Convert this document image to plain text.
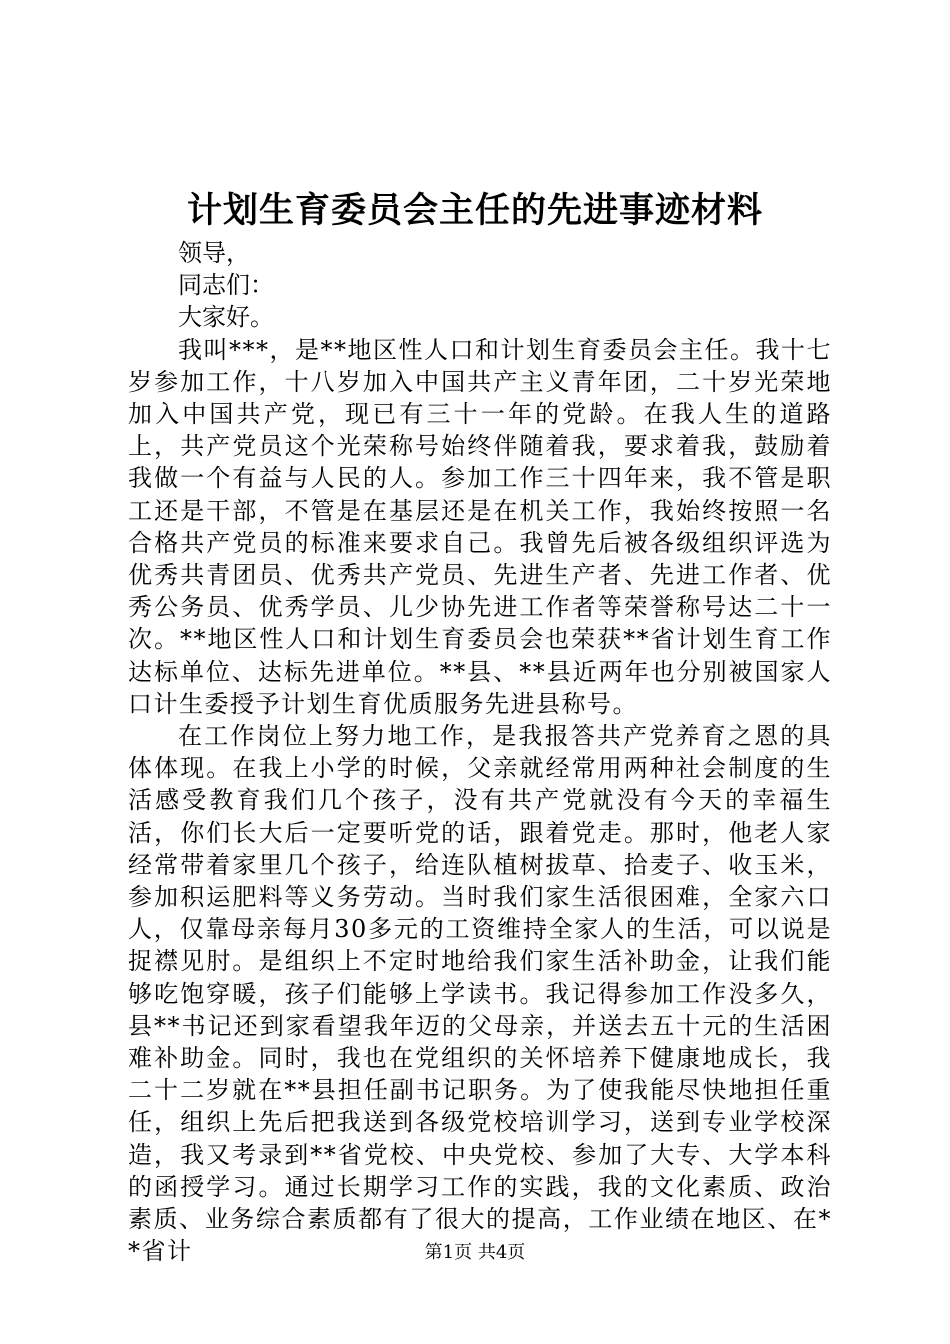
计划生育委员会主任的先进事迹材料

领导，

同志们：

大家好。

我叫***，是**地区性人口和计划生育委员会主任。我十七岁参加工作，十八岁加入中国共产主义青年团，二十岁光荣地加入中国共产党，现已有三十一年的党龄。在我人生的道路上，共产党员这个光荣称号始终伴随着我，要求着我，鼓励着我做一个有益与人民的人。参加工作三十四年来，我不管是职工还是干部，不管是在基层还是在机关工作，我始终按照一名合格共产党员的标准来要求自己。我曾先后被各级组织评选为优秀共青团员、优秀共产党员、先进生产者、先进工作者、优秀公务员、优秀学员、儿少协先进工作者等荣誉称号达二十一次。**地区性人口和计划生育委员会也荣获**省计划生育工作达标单位、达标先进单位。**县、**县近两年也分别被国家人口计生委授予计划生育优质服务先进县称号。

在工作岗位上努力地工作，是我报答共产党养育之恩的具体体现。在我上小学的时候，父亲就经常用两种社会制度的生活感受教育我们几个孩子，没有共产党就没有今天的幸福生活，你们长大后一定要听党的话，跟着党走。那时，他老人家经常带着家里几个孩子，给连队植树拔草、拾麦子、收玉米，参加积运肥料等义务劳动。当时我们家生活很困难，全家六口人，仅靠母亲每月30多元的工资维持全家人的生活，可以说是捉襟见肘。是组织上不定时地给我们家生活补助金，让我们能够吃饱穿暖，孩子们能够上学读书。我记得参加工作没多久，县**书记还到家看望我年迈的父母亲，并送去五十元的生活困难补助金。同时，我也在党组织的关怀培养下健康地成长，我二十二岁就在**县担任副书记职务。为了使我能尽快地担任重任，组织上先后把我送到各级党校培训学习，送到专业学校深造，我又考录到**省党校、中央党校、参加了大专、大学本科的函授学习。通过长期学习工作的实践，我的文化素质、政治素质、业务综合素质都有了很大的提高，工作业绩在地区、在**省计	第1页 共4页
